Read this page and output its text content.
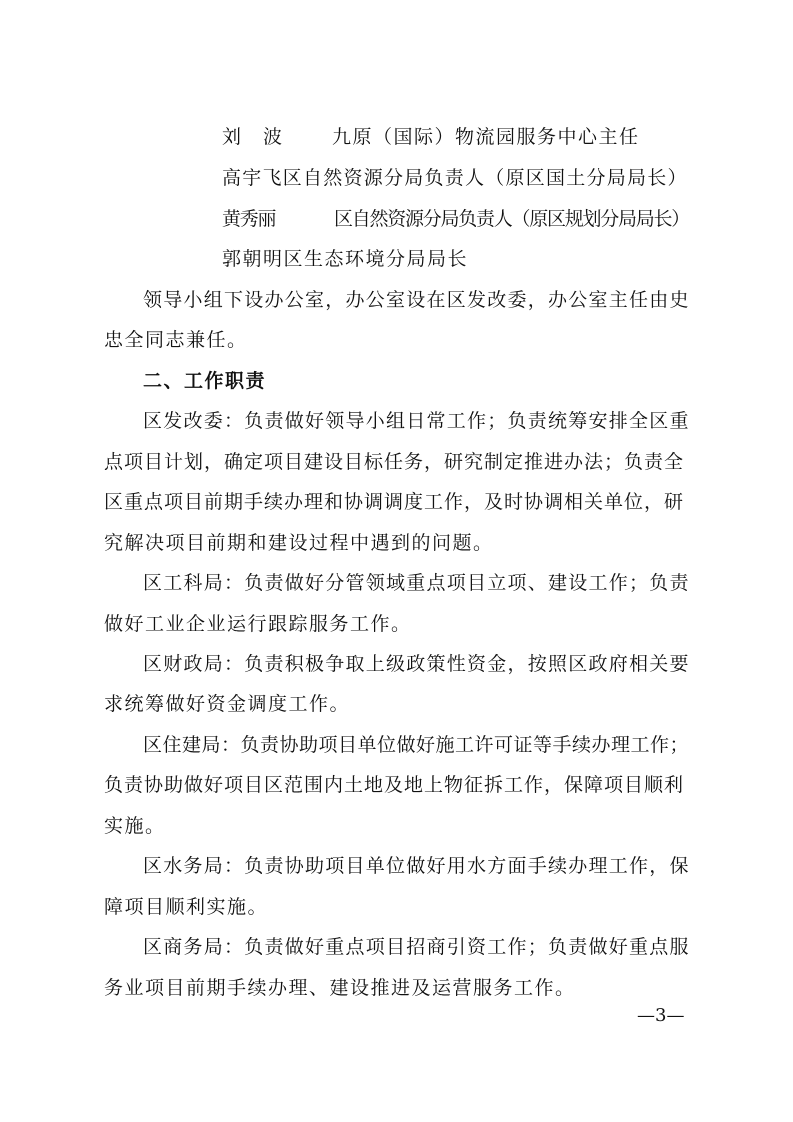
刘　波	九原（国际）物流园服务中心主任
高宇飞区自然资源分局负责人（原区国土分局局长）
黄秀丽	区自然资源分局负责人（原区规划分局局长）
郭朝明区生态环境分局局长
领导小组下设办公室，办公室设在区发改委，办公室主任由史
忠全同志兼任。
二、工作职责
区发改委：负责做好领导小组日常工作；负责统筹安排全区重
点项目计划，确定项目建设目标任务，研究制定推进办法；负责全
区重点项目前期手续办理和协调调度工作，及时协调相关单位，研
究解决项目前期和建设过程中遇到的问题。
区工科局：负责做好分管领域重点项目立项、建设工作；负责
做好工业企业运行跟踪服务工作。
区财政局：负责积极争取上级政策性资金，按照区政府相关要
求统筹做好资金调度工作。
区住建局：负责协助项目单位做好施工许可证等手续办理工作；
负责协助做好项目区范围内土地及地上物征拆工作，保障项目顺利
实施。
区水务局：负责协助项目单位做好用水方面手续办理工作，保
障项目顺利实施。
区商务局：负责做好重点项目招商引资工作；负责做好重点服
务业项目前期手续办理、建设推进及运营服务工作。
—3—
